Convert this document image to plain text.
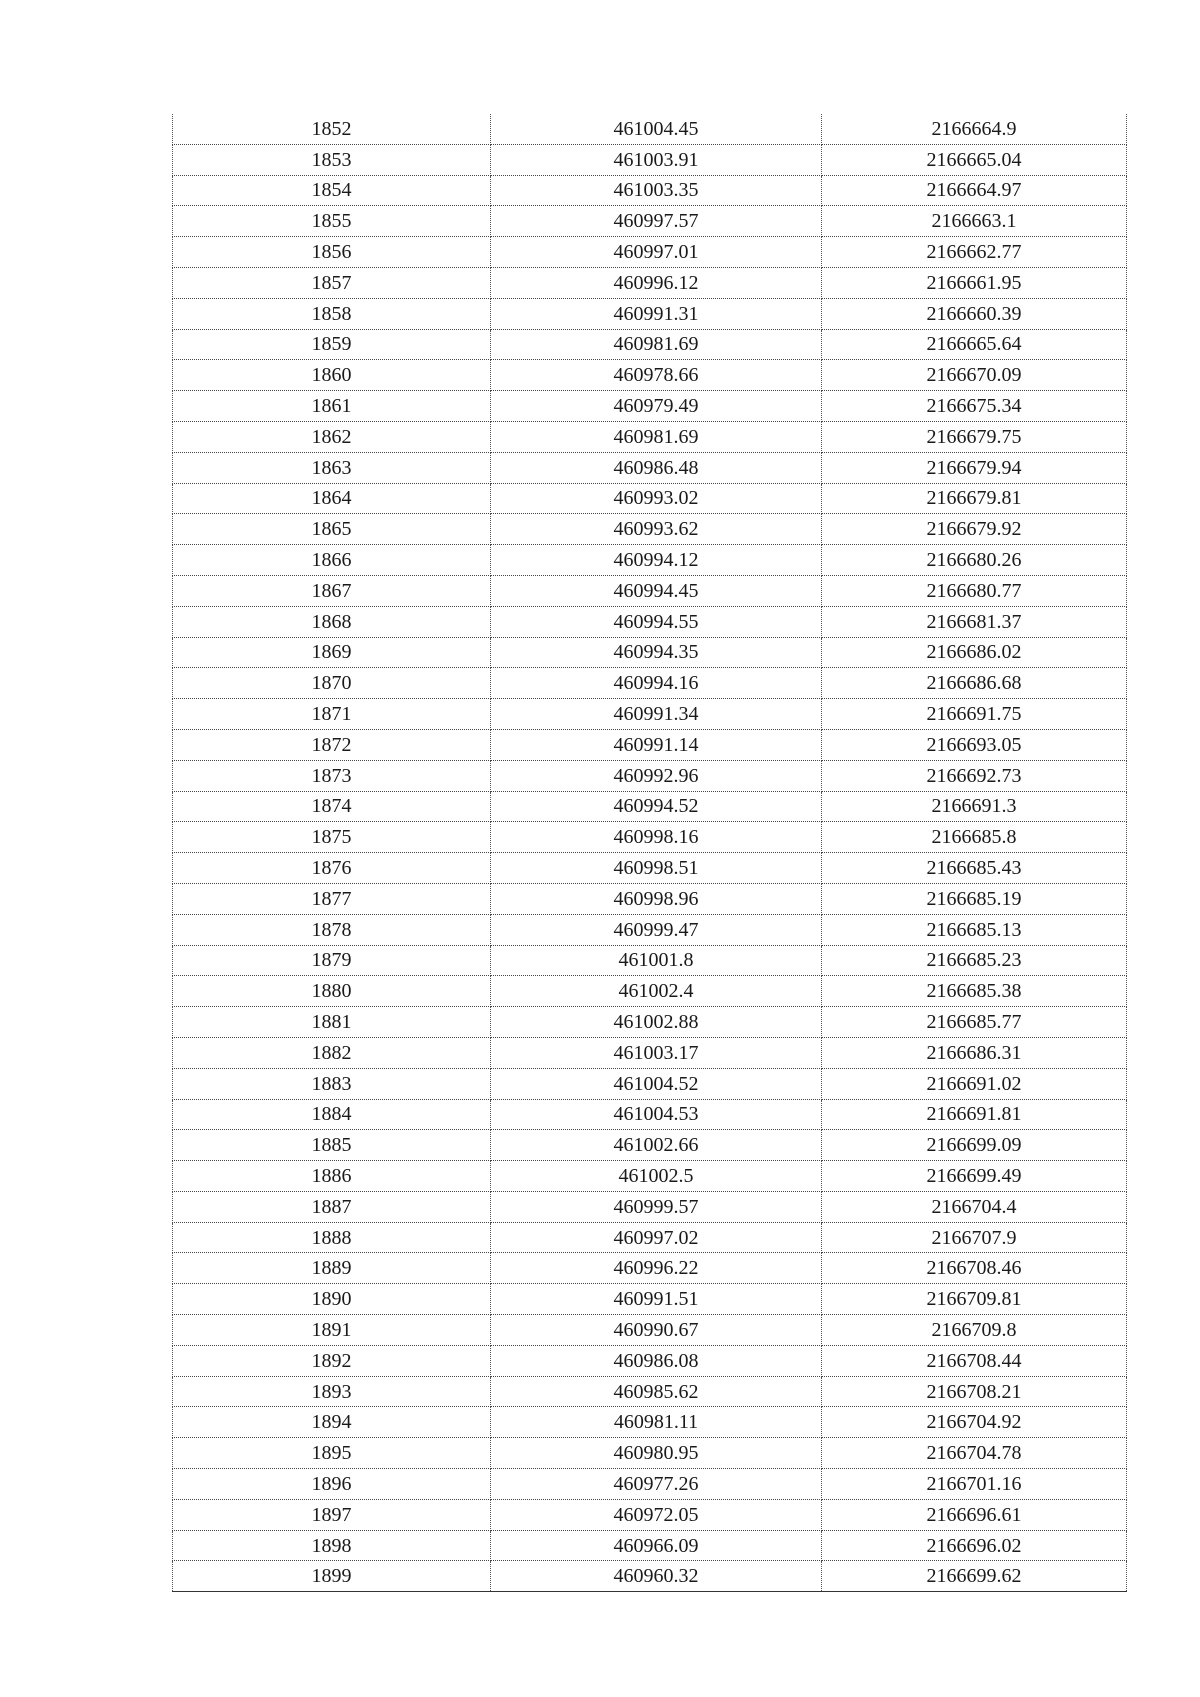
1852	461004.45	2166664.9
1853	461003.91	2166665.04
1854	461003.35	2166664.97
1855	460997.57	2166663.1
1856	460997.01	2166662.77
1857	460996.12	2166661.95
1858	460991.31	2166660.39
1859	460981.69	2166665.64
1860	460978.66	2166670.09
1861	460979.49	2166675.34
1862	460981.69	2166679.75
1863	460986.48	2166679.94
1864	460993.02	2166679.81
1865	460993.62	2166679.92
1866	460994.12	2166680.26
1867	460994.45	2166680.77
1868	460994.55	2166681.37
1869	460994.35	2166686.02
1870	460994.16	2166686.68
1871	460991.34	2166691.75
1872	460991.14	2166693.05
1873	460992.96	2166692.73
1874	460994.52	2166691.3
1875	460998.16	2166685.8
1876	460998.51	2166685.43
1877	460998.96	2166685.19
1878	460999.47	2166685.13
1879	461001.8	2166685.23
1880	461002.4	2166685.38
1881	461002.88	2166685.77
1882	461003.17	2166686.31
1883	461004.52	2166691.02
1884	461004.53	2166691.81
1885	461002.66	2166699.09
1886	461002.5	2166699.49
1887	460999.57	2166704.4
1888	460997.02	2166707.9
1889	460996.22	2166708.46
1890	460991.51	2166709.81
1891	460990.67	2166709.8
1892	460986.08	2166708.44
1893	460985.62	2166708.21
1894	460981.11	2166704.92
1895	460980.95	2166704.78
1896	460977.26	2166701.16
1897	460972.05	2166696.61
1898	460966.09	2166696.02
1899	460960.32	2166699.62
